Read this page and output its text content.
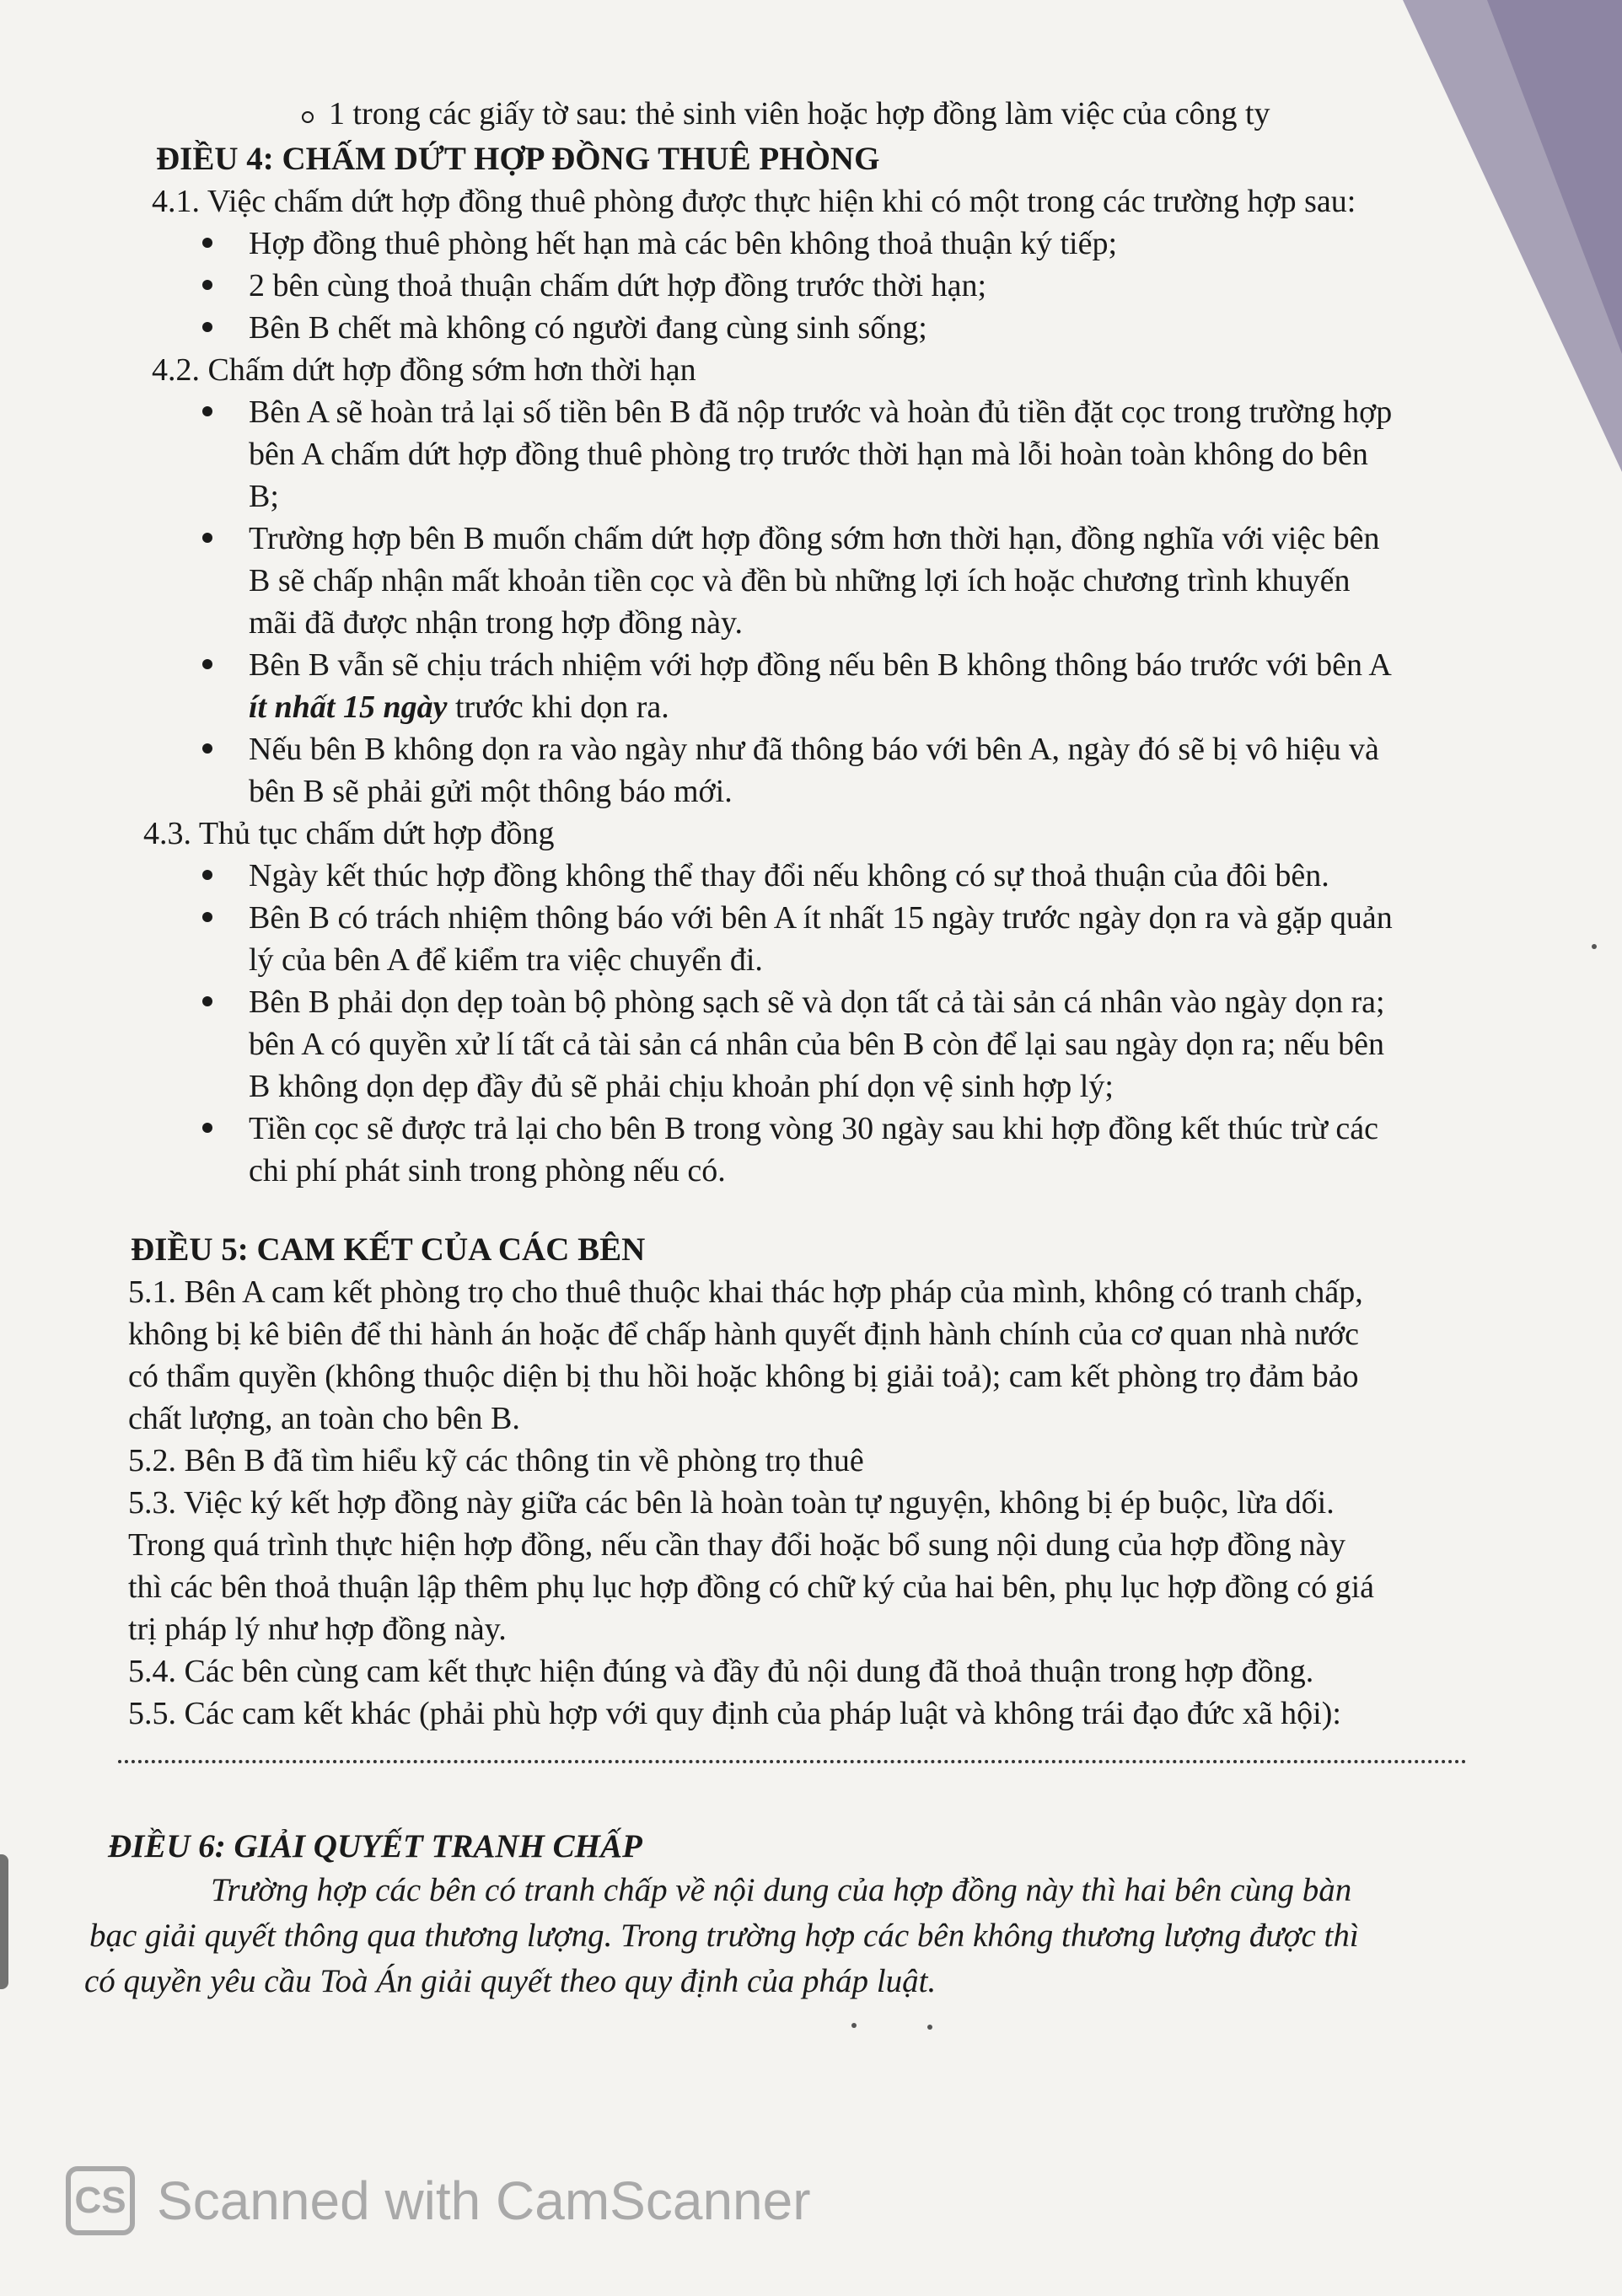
1 trong các giấy tờ sau: thẻ sinh viên hoặc hợp đồng làm việc của công ty
ĐIỀU 4: CHẤM DỨT HỢP ĐỒNG THUÊ PHÒNG
4.1. Việc chấm dứt hợp đồng thuê phòng được thực hiện khi có một trong các trường hợp sau:
Hợp đồng thuê phòng hết hạn mà các bên không thoả thuận ký tiếp;
2 bên cùng thoả thuận chấm dứt hợp đồng trước thời hạn;
Bên B chết mà không có người đang cùng sinh sống;
4.2. Chấm dứt hợp đồng sớm hơn thời hạn
Bên A sẽ hoàn trả lại số tiền bên B đã nộp trước và hoàn đủ tiền đặt cọc trong trường hợp
bên A chấm dứt hợp đồng thuê phòng trọ trước thời hạn mà lỗi hoàn toàn không do bên
B;
Trường hợp bên B muốn chấm dứt hợp đồng sớm hơn thời hạn, đồng nghĩa với việc bên
B sẽ chấp nhận mất khoản tiền cọc và đền bù những lợi ích hoặc chương trình khuyến
mãi đã được nhận trong hợp đồng này.
Bên B vẫn sẽ chịu trách nhiệm với hợp đồng nếu bên B không thông báo trước với bên A
ít nhất 15 ngày trước khi dọn ra.
Nếu bên B không dọn ra vào ngày như đã thông báo với bên A, ngày đó sẽ bị vô hiệu và
bên B sẽ phải gửi một thông báo mới.
4.3. Thủ tục chấm dứt hợp đồng
Ngày kết thúc hợp đồng không thể thay đổi nếu không có sự thoả thuận của đôi bên.
Bên B có trách nhiệm thông báo với bên A ít nhất 15 ngày trước ngày dọn ra và gặp quản
lý của bên A để kiểm tra việc chuyển đi.
Bên B phải dọn dẹp toàn bộ phòng sạch sẽ và dọn tất cả tài sản cá nhân vào ngày dọn ra;
bên A có quyền xử lí tất cả tài sản cá nhân của bên B còn để lại sau ngày dọn ra; nếu bên
B không dọn dẹp đầy đủ sẽ phải chịu khoản phí dọn vệ sinh hợp lý;
Tiền cọc sẽ được trả lại cho bên B trong vòng 30 ngày sau khi hợp đồng kết thúc trừ các
chi phí phát sinh trong phòng nếu có.
ĐIỀU 5: CAM KẾT CỦA CÁC BÊN
5.1. Bên A cam kết phòng trọ cho thuê thuộc khai thác hợp pháp của mình, không có tranh chấp,
không bị kê biên để thi hành án hoặc để chấp hành quyết định hành chính của cơ quan nhà nước
có thẩm quyền (không thuộc diện bị thu hồi hoặc không bị giải toả); cam kết phòng trọ đảm bảo
chất lượng, an toàn cho bên B.
5.2. Bên B đã tìm hiểu kỹ các thông tin về phòng trọ thuê
5.3. Việc ký kết hợp đồng này giữa các bên là hoàn toàn tự nguyện, không bị ép buộc, lừa dối.
Trong quá trình thực hiện hợp đồng, nếu cần thay đổi hoặc bổ sung nội dung của hợp đồng này
thì các bên thoả thuận lập thêm phụ lục hợp đồng có chữ ký của hai bên, phụ lục hợp đồng có giá
trị pháp lý như hợp đồng này.
5.4. Các bên cùng cam kết thực hiện đúng và đầy đủ nội dung đã thoả thuận trong hợp đồng.
5.5. Các cam kết khác (phải phù hợp với quy định của pháp luật và không trái đạo đức xã hội):
ĐIỀU 6: GIẢI QUYẾT TRANH CHẤP
Trường hợp các bên có tranh chấp về nội dung của hợp đồng này thì hai bên cùng bàn
bạc giải quyết thông qua thương lượng. Trong trường hợp các bên không thương lượng được thì
có quyền yêu cầu Toà Án giải quyết theo quy định của pháp luật.
CS Scanned with CamScanner
